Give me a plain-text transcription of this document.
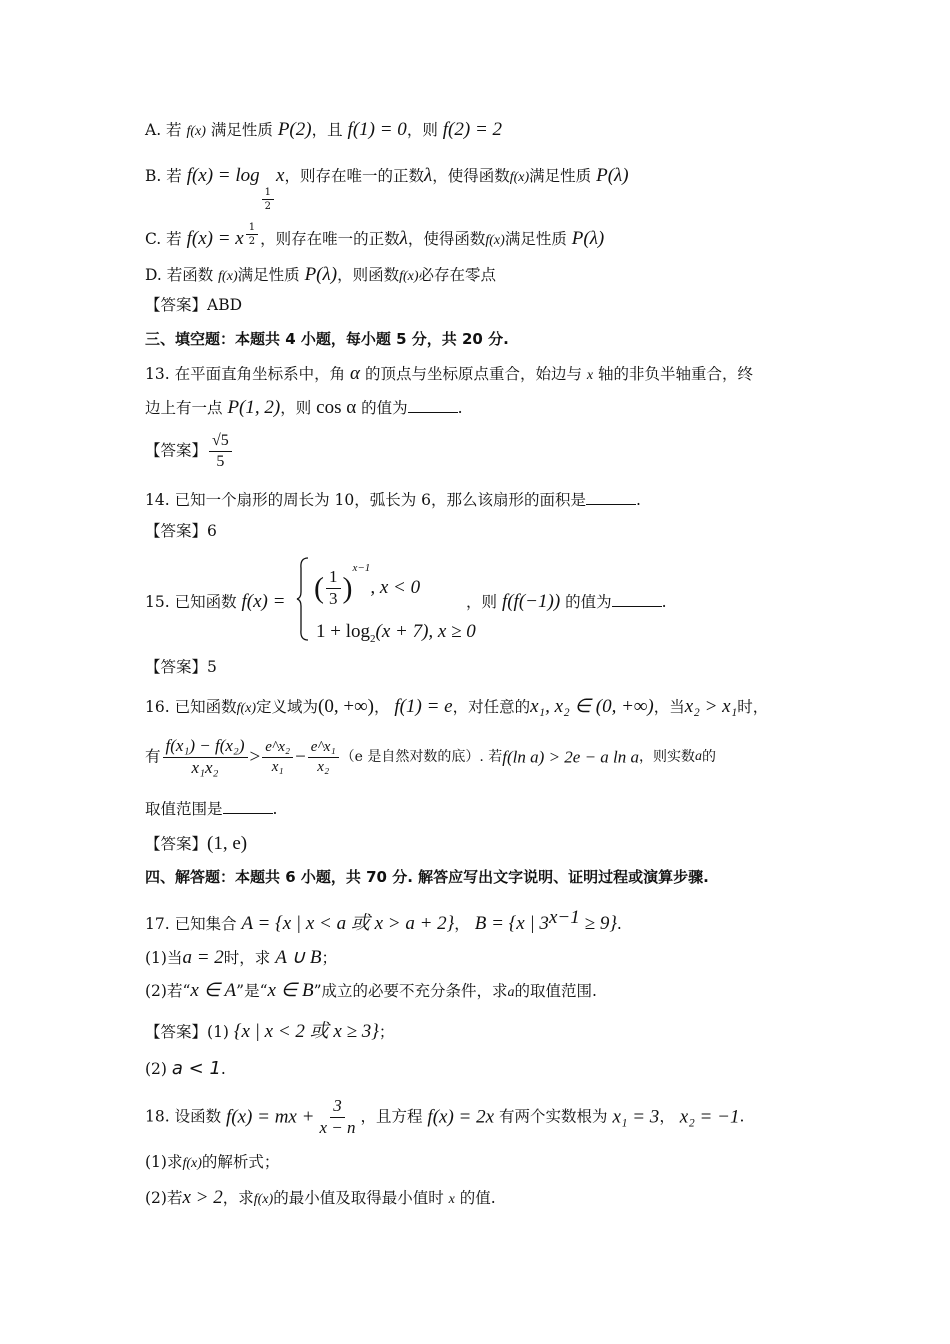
A. 若 f(x) 满足性质 P(2)，且 f(1) = 0，则 f(2) = 2
B. 若 f(x) = log
$\frac{1}{2}$
x，则存在唯一的正数λ，使得函数f(x)满足性质 P(λ)
C. 若 f(x) = x $\frac{1}{2}$ ，则存在唯一的正数λ，使得函数f(x)满足性质 P(λ)
D. 若函数 f(x)满足性质 P(λ)，则函数f(x)必存在零点
【答案】ABD
三、填空题：本题共 4 小题，每小题 5 分，共 20 分.
13. 在平面直角坐标系中，角 α 的顶点与坐标原点重合，始边与 x 轴的非负半轴重合，终
边上有一点 P(1, 2)，则 cos α 的值为	.
【答案】 $\frac{√5}{5}$
14. 已知一个扇形的周长为 10，弧长为 6，那么该扇形的面积是	.
【答案】6
15. 已知函数 f(x) = ( $\frac{1}{3} )^{x-1}$, x < 0
$1 + \log_2(x + 7)$, x ≥ 0
，则 f(f(−1)) 的值为	.
【答案】5
16. 已知函数f(x)定义域为(0, +∞)， f(1) = e，对任意的x₁, x₂ ∈ (0, +∞)，当x₂ > x₁时，
有 $\frac{\text{f(x₁) − f(x₂)}}{\text{x₁x₂}} > \frac{\text{e\textasciicircum{}x₂}}{\text{x₁}} - \frac{\text{e\textasciicircum{}x₁}}{\text{x₂}} (e$ 是自然对数的底）. 若f(ln a) > 2e − a ln a，则实数a的
取值范围是	.
【答案】(1, e)
四、解答题：本题共 6 小题，共 70 分. 解答应写出文字说明、证明过程或演算步骤.
17. 已知集合 A = {x | x < a 或 x > a + 2}， B = {x | $3^{x-1} \ge 9$}.
(1)当a = 2时，求 A ∪ B；
(2)若“x ∈ A”是“x ∈ B”成立的必要不充分条件，求a的取值范围.
【答案】(1) {x | x < 2 或 x ≥ 3}；
(2) a < 1.
18. 设函数 f(x) = mx + $\frac{3}{x - n}$ ，且方程 f(x) = 2x 有两个实数根为 x₁ = 3， x₂ = −1.
(1)求f(x)的解析式；
(2)若x > 2，求f(x)的最小值及取得最小值时 x 的值.
